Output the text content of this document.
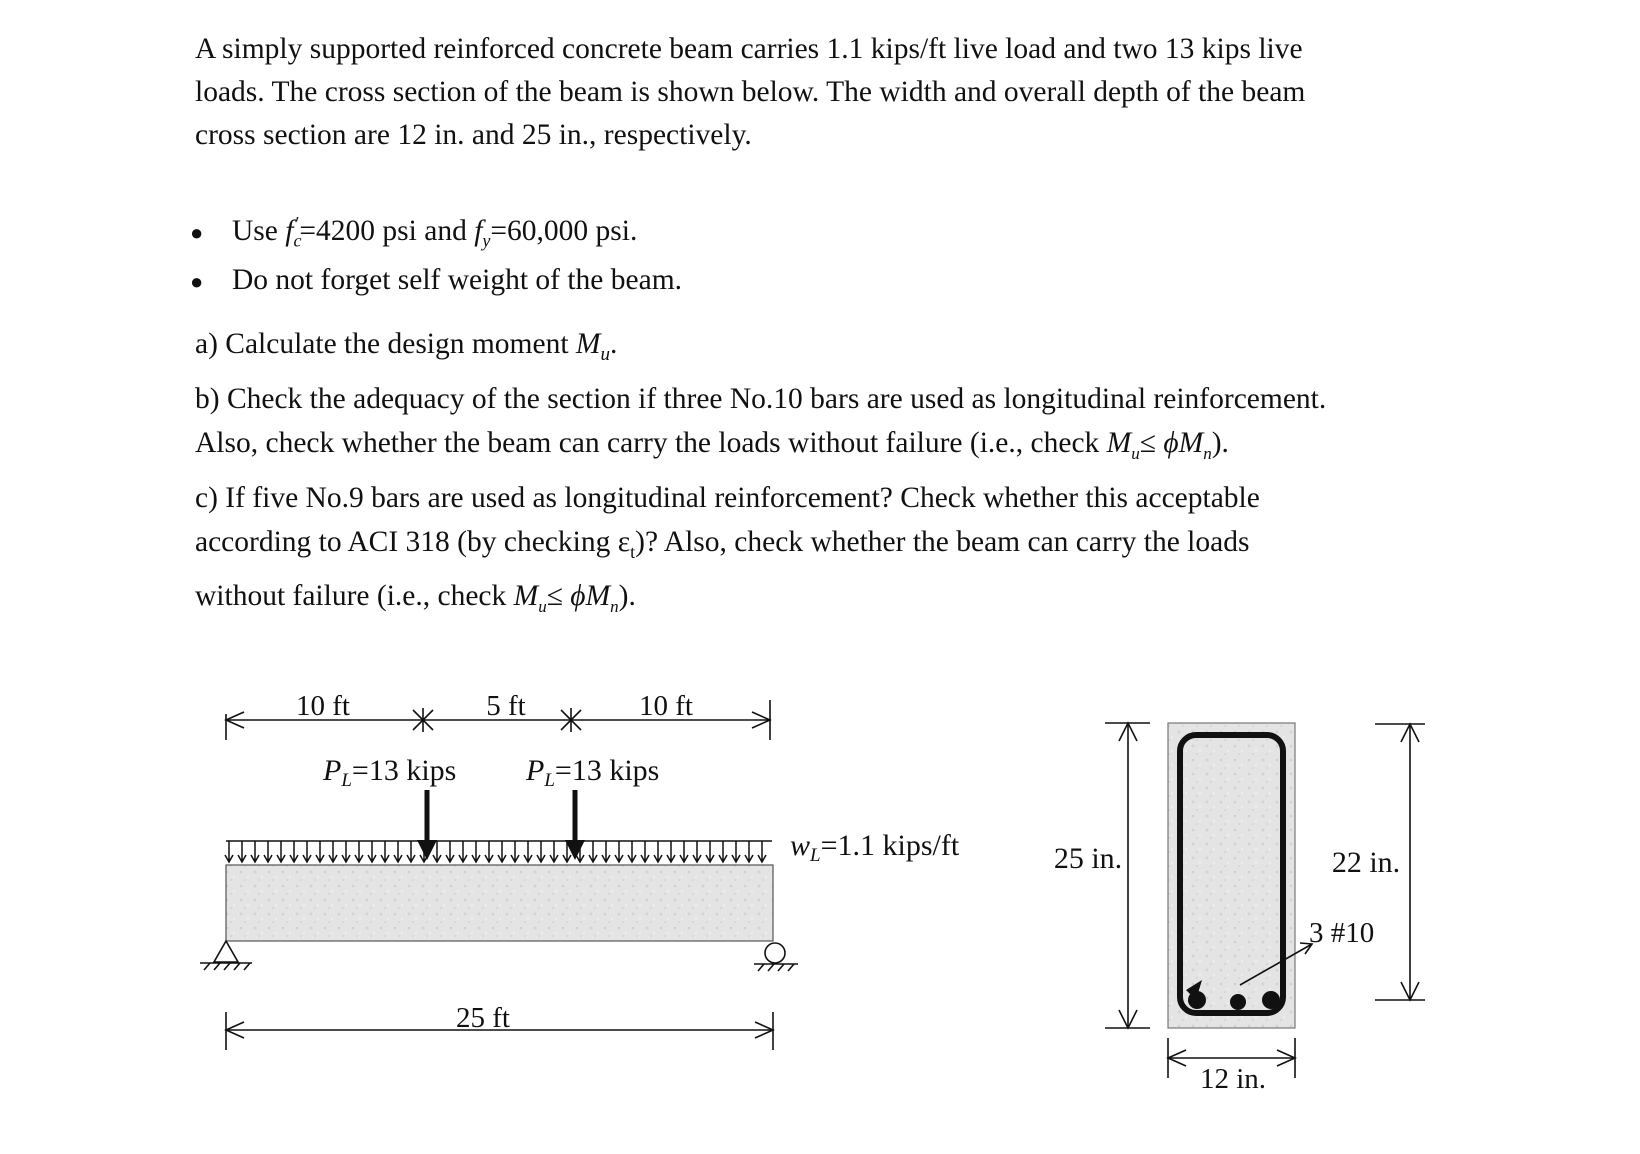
A simply supported reinforced concrete beam carries 1.1 kips/ft live load and two 13 kips live
loads. The cross section of the beam is shown below. The width and overall depth of the beam
cross section are 12 in. and 25 in., respectively.
● Use $f_c'=4200$ psi and $f_y=60,000$ psi.
● Do not forget self weight of the beam.
a) Calculate the design moment $M_u$.
b) Check the adequacy of the section if three No.10 bars are used as longitudinal reinforcement.
Also, check whether the beam can carry the loads without failure (i.e., check $M_u\le \phi M_n$).
c) If five No.9 bars are used as longitudinal reinforcement? Check whether this acceptable
according to ACI 318 (by checking $\varepsilon_t$)? Also, check whether the beam can carry the loads
without failure (i.e., check $M_u\le \phi M_n$).
10 ft	5 ft	10 ft
$P_L=13$ kips $P_L=13$ kips
$w_L=1.1$ kips/ft
25 ft
25 in.	22 in.
3 #10
12 in.
